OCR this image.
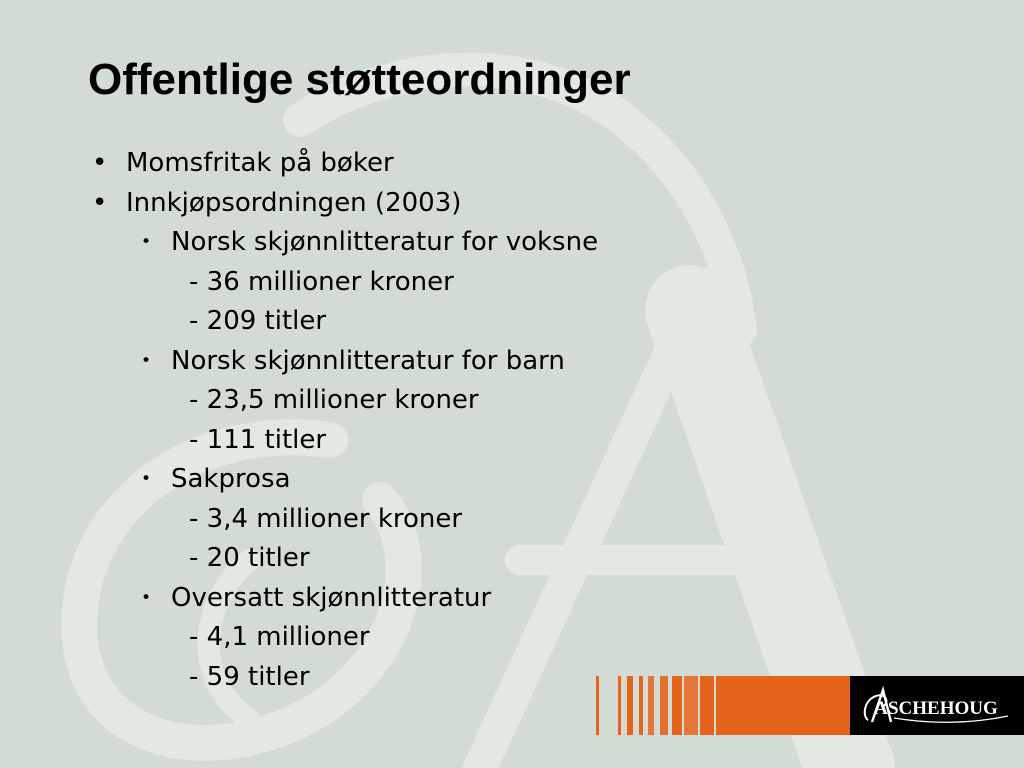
Offentlige støtteordninger
• Momsfritak på bøker
• Innkjøpsordningen (2003)
• Norsk skjønnlitteratur for voksne
- 36 millioner kroner
- 209 titler
• Norsk skjønnlitteratur for barn
- 23,5 millioner kroner
- 111 titler
• Sakprosa
- 3,4 millioner kroner
- 20 titler
• Oversatt skjønnlitteratur
- 4,1 millioner
- 59 titler
ASCHEHOUG
